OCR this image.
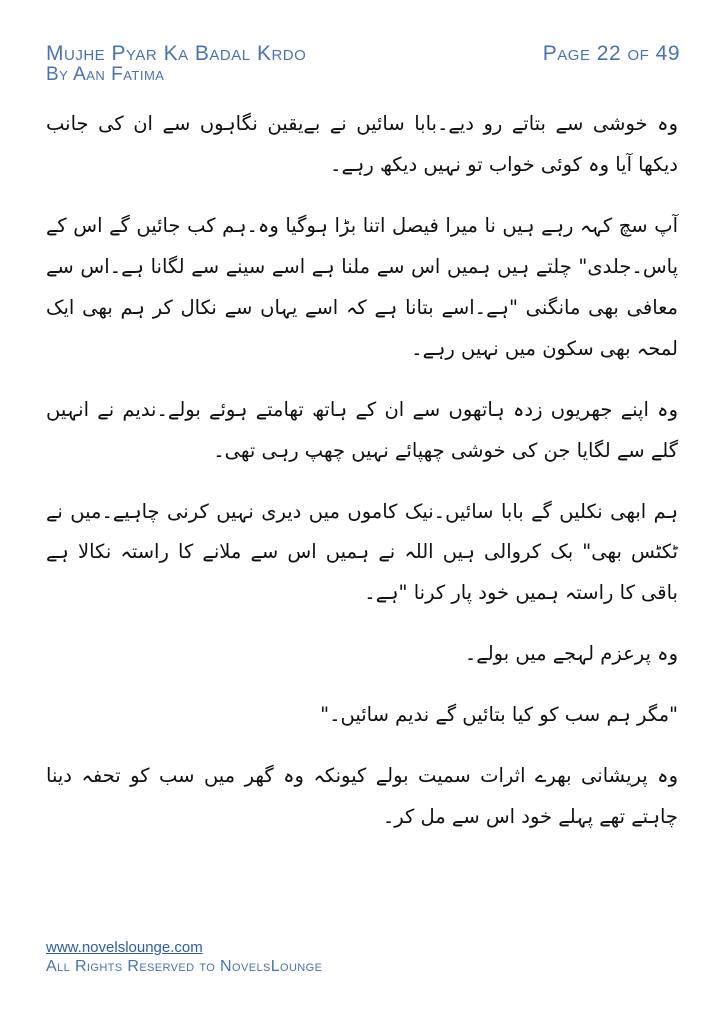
Mujhe Pyar Ka Badal Krdo	Page 22 of 49
By Aan Fatima

وہ خوشی سے بتاتے رو دیے۔بابا سائیں نے بےیقین نگاہوں سے ان کی جانب دیکھا آیا وہ کوئی خواب تو نہیں دیکھ رہے۔

آپ سچ کہہ رہے ہیں نا میرا فیصل اتنا بڑا ہوگیا وہ۔ہم کب جائیں گے اس کے پاس۔جلدی" چلتے ہیں ہمیں اس سے ملنا ہے اسے سینے سے لگانا ہے۔اس سے معافی بھی مانگنی "ہے۔اسے بتانا ہے کہ اسے یہاں سے نکال کر ہم بھی ایک لمحہ بھی سکون میں نہیں رہے۔

وہ اپنے جھریوں زدہ ہاتھوں سے ان کے ہاتھ تھامتے ہوئے بولے۔ندیم نے انہیں گلے سے لگایا جن کی خوشی چھپائے نہیں چھپ رہی تھی۔

ہم ابھی نکلیں گے بابا سائیں۔نیک کاموں میں دیری نہیں کرنی چاہیے۔میں نے ٹکٹس بھی" بک کروالی ہیں اللہ نے ہمیں اس سے ملانے کا راستہ نکالا ہے باقی کا راستہ ہمیں خود پار کرنا "ہے۔

وہ پرعزم لہجے میں بولے۔

"مگر ہم سب کو کیا بتائیں گے ندیم سائیں۔"

وہ پریشانی بھرے اثرات سمیت بولے کیونکہ وہ گھر میں سب کو تحفہ دینا چاہتے تھے پہلے خود اس سے مل کر۔

www.novelslounge.com
All Rights Reserved to NovelsLounge
